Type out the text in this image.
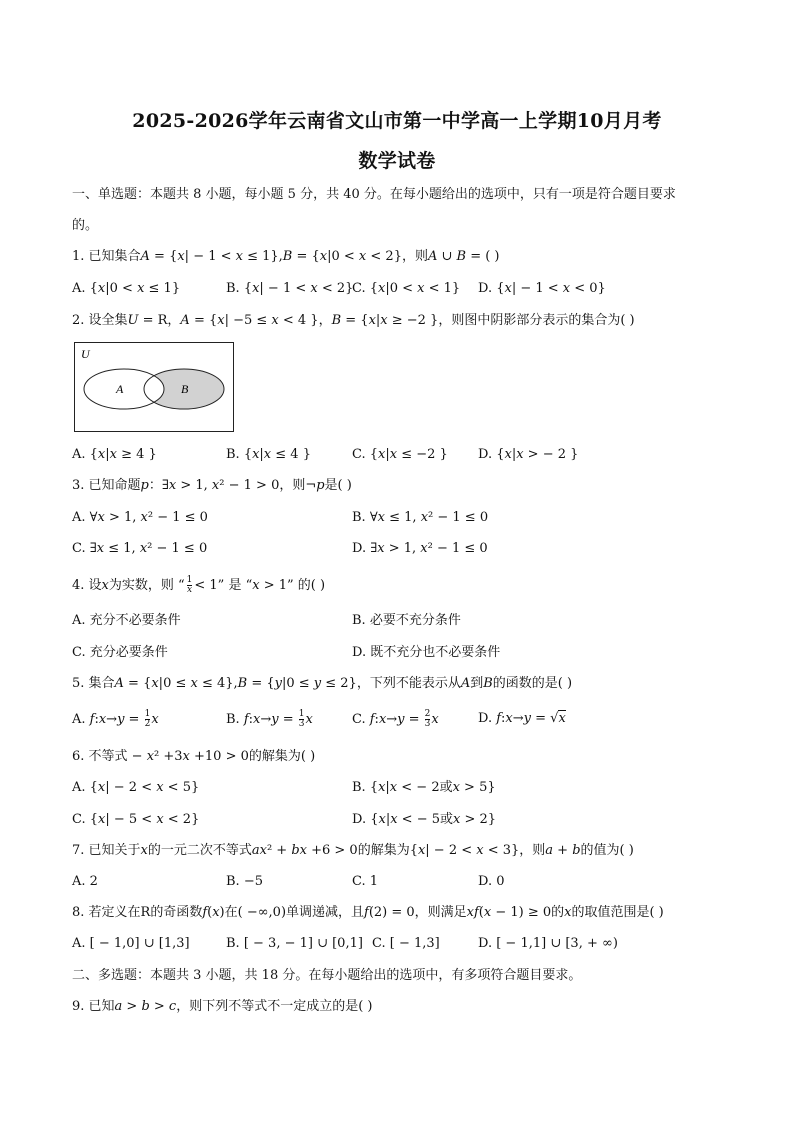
2025-2026学年云南省文山市第一中学高一上学期10月月考
数学试卷
一、单选题：本题共 8 小题，每小题 5 分，共 40 分。在每小题给出的选项中，只有一项是符合题目要求
的。
1. 已知集合𝐴 = {𝑥| − 1 < 𝑥 ≤ 1},𝐵 = {𝑥|0 < 𝑥 < 2}，则𝐴 ∪ 𝐵 = ( )
A. {𝑥|0 < 𝑥 ≤ 1}	B. {𝑥| − 1 < 𝑥 < 2}
C. {𝑥|0 < 𝑥 < 1} D. {𝑥| − 1 < 𝑥 < 0}
2. 设全集𝑈 = R，𝐴 = {𝑥| −5 ≤ 𝑥 < 4 }，𝐵 = {𝑥|𝑥 ≥ −2 }，则图中阴影部分表示的集合为( )
U
A	B
A. {𝑥|𝑥 ≥ 4 }	B. {𝑥|𝑥 ≤ 4 }	C. {𝑥|𝑥 ≤ −2 } D. {𝑥|𝑥 > − 2 }
3. 已知命题𝑝：∃𝑥 > 1, 𝑥² − 1 > 0，则¬𝑝是( )
A. ∀𝑥 > 1, 𝑥² − 1 ≤ 0	B. ∀𝑥 ≤ 1, 𝑥² − 1 ≤ 0
C. ∃𝑥 ≤ 1, 𝑥² − 1 ≤ 0	D. ∃𝑥 > 1, 𝑥² − 1 ≤ 0
4. 设𝑥为实数，则 “ 1
𝑥 < 1” 是 “𝑥 > 1” 的( )
A. 充分不必要条件	B. 必要不充分条件
C. 充分必要条件	D. 既不充分也不必要条件
5. 集合𝐴 = {𝑥|0 ≤ 𝑥 ≤ 4},𝐵 = {𝑦|0 ≤ 𝑦 ≤ 2}，下列不能表示从𝐴到𝐵的函数的是( )
A. 𝑓:𝑥→𝑦 = $\frac{1}{2}$ 𝑥	B. 𝑓:𝑥→𝑦 = $\frac{1}{3}$ 𝑥	C. 𝑓:𝑥→𝑦 = $\frac{2}{3}$ 𝑥	D. 𝑓:𝑥→𝑦 = √𝑥
6. 不等式 − 𝑥² +3𝑥 +10 > 0的解集为( )
A. {𝑥| − 2 < 𝑥 < 5}	B. {𝑥|𝑥 < − 2或𝑥 > 5}
C. {𝑥| − 5 < 𝑥 < 2}	D. {𝑥|𝑥 < − 5或𝑥 > 2}
7. 已知关于𝑥的一元二次不等式𝑎𝑥² + 𝑏𝑥 +6 > 0的解集为{𝑥| − 2 < 𝑥 < 3}，则𝑎 + 𝑏的值为( )
A. 2	B. −5	C. 1	D. 0
8. 若定义在R的奇函数𝑓(𝑥)在( −∞,0)单调递减，且𝑓(2) = 0，则满足𝑥𝑓(𝑥 − 1) ≥ 0的𝑥的取值范围是( )
A. [ − 1,0] ∪ [1,3]	B. [ − 3, − 1] ∪ [0,1] C. [ − 1,3]	D. [ − 1,1] ∪ [3, + ∞)
二、多选题：本题共 3 小题，共 18 分。在每小题给出的选项中，有多项符合题目要求。
9. 已知𝑎 > 𝑏 > 𝑐，则下列不等式不一定成立的是( )
